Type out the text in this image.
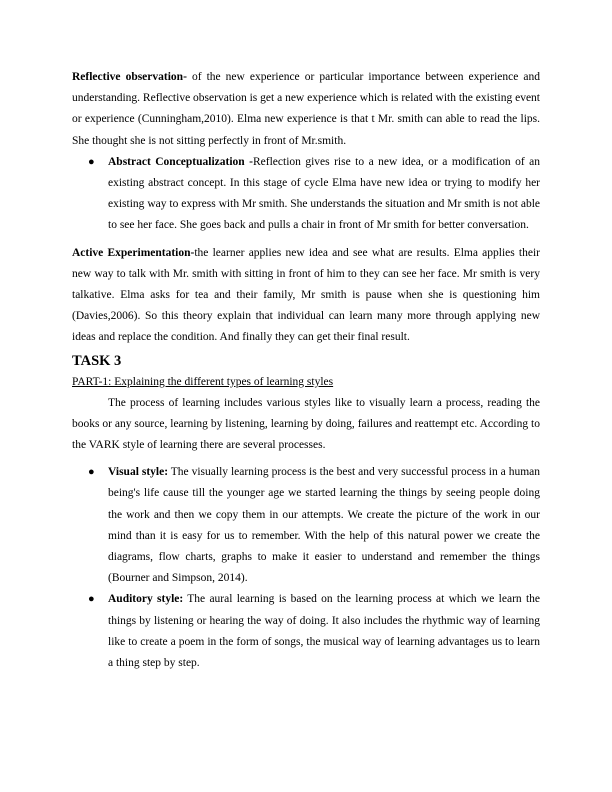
Reflective observation- of the new experience or particular importance between experience and understanding. Reflective observation is get a new experience which is related with the existing event or experience (Cunningham,2010). Elma new experience is that t Mr. smith can able to read the lips. She thought she is not sitting perfectly in front of Mr.smith.

● Abstract Conceptualization -Reflection gives rise to a new idea, or a modification of an existing abstract concept. In this stage of cycle Elma have new idea or trying to modify her existing way to express with Mr smith. She understands the situation and Mr smith is not able to see her face. She goes back and pulls a chair in front of Mr smith for better conversation.

Active Experimentation-the learner applies new idea and see what are results. Elma applies their new way to talk with Mr. smith with sitting in front of him to they can see her face. Mr smith is very talkative. Elma asks for tea and their family, Mr smith is pause when she is questioning him (Davies,2006). So this theory explain that individual can learn many more through applying new ideas and replace the condition. And finally they can get their final result.

TASK 3
PART-1: Explaining the different types of learning styles

The process of learning includes various styles like to visually learn a process, reading the books or any source, learning by listening, learning by doing, failures and reattempt etc. According to the VARK style of learning there are several processes.

● Visual style: The visually learning process is the best and very successful process in a human being's life cause till the younger age we started learning the things by seeing people doing the work and then we copy them in our attempts. We create the picture of the work in our mind than it is easy for us to remember. With the help of this natural power we create the diagrams, flow charts, graphs to make it easier to understand and remember the things (Bourner and Simpson, 2014).
● Auditory style: The aural learning is based on the learning process at which we learn the things by listening or hearing the way of doing. It also includes the rhythmic way of learning like to create a poem in the form of songs, the musical way of learning advantages us to learn a thing step by step.
